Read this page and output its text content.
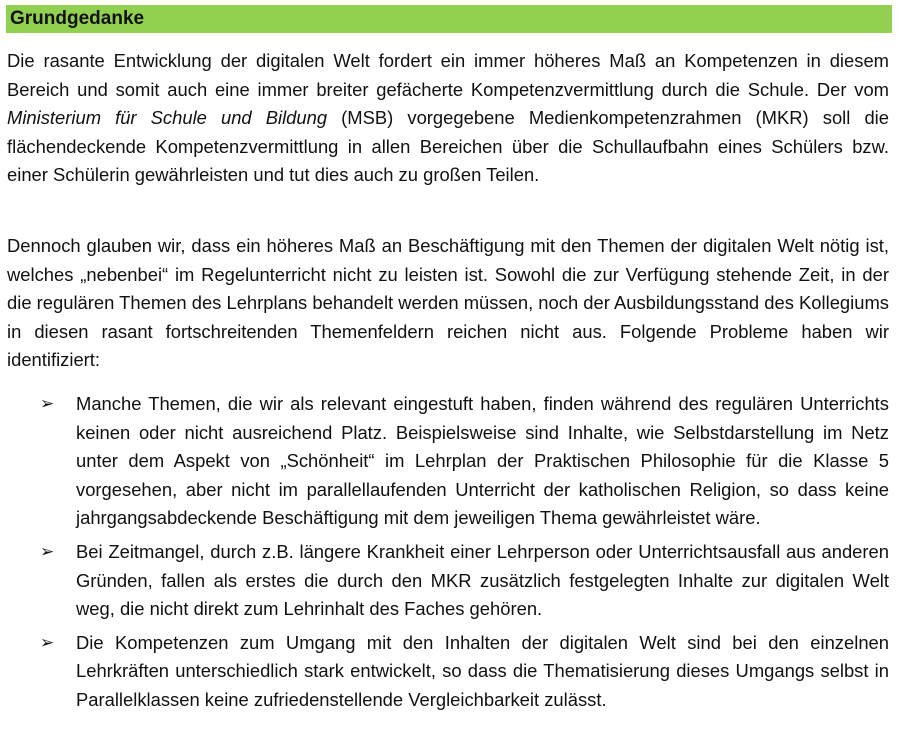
Grundgedanke

Die rasante Entwicklung der digitalen Welt fordert ein immer höheres Maß an Kompetenzen in diesem Bereich und somit auch eine immer breiter gefächerte Kompetenzvermittlung durch die Schule. Der vom Ministerium für Schule und Bildung (MSB) vorgegebene Medienkompetenzrahmen (MKR) soll die flächendeckende Kompetenzvermittlung in allen Bereichen über die Schullaufbahn eines Schülers bzw. einer Schülerin gewährleisten und tut dies auch zu großen Teilen.

Dennoch glauben wir, dass ein höheres Maß an Beschäftigung mit den Themen der digitalen Welt nötig ist, welches „nebenbei“ im Regelunterricht nicht zu leisten ist. Sowohl die zur Verfügung stehende Zeit, in der die regulären Themen des Lehrplans behandelt werden müssen, noch der Ausbildungsstand des Kollegiums in diesen rasant fortschreitenden Themenfeldern reichen nicht aus. Folgende Probleme haben wir identifiziert:

➢ Manche Themen, die wir als relevant eingestuft haben, finden während des regulären Unterrichts keinen oder nicht ausreichend Platz. Beispielsweise sind Inhalte, wie Selbstdarstellung im Netz unter dem Aspekt von „Schönheit“ im Lehrplan der Praktischen Philosophie für die Klasse 5 vorgesehen, aber nicht im parallellaufenden Unterricht der katholischen Religion, so dass keine jahrgangsabdeckende Beschäftigung mit dem jeweiligen Thema gewährleistet wäre.
➢ Bei Zeitmangel, durch z.B. längere Krankheit einer Lehrperson oder Unterrichtsausfall aus anderen Gründen, fallen als erstes die durch den MKR zusätzlich festgelegten Inhalte zur digitalen Welt weg, die nicht direkt zum Lehrinhalt des Faches gehören.
➢ Die Kompetenzen zum Umgang mit den Inhalten der digitalen Welt sind bei den einzelnen Lehrkräften unterschiedlich stark entwickelt, so dass die Thematisierung dieses Umgangs selbst in Parallelklassen keine zufriedenstellende Vergleichbarkeit zulässt.
